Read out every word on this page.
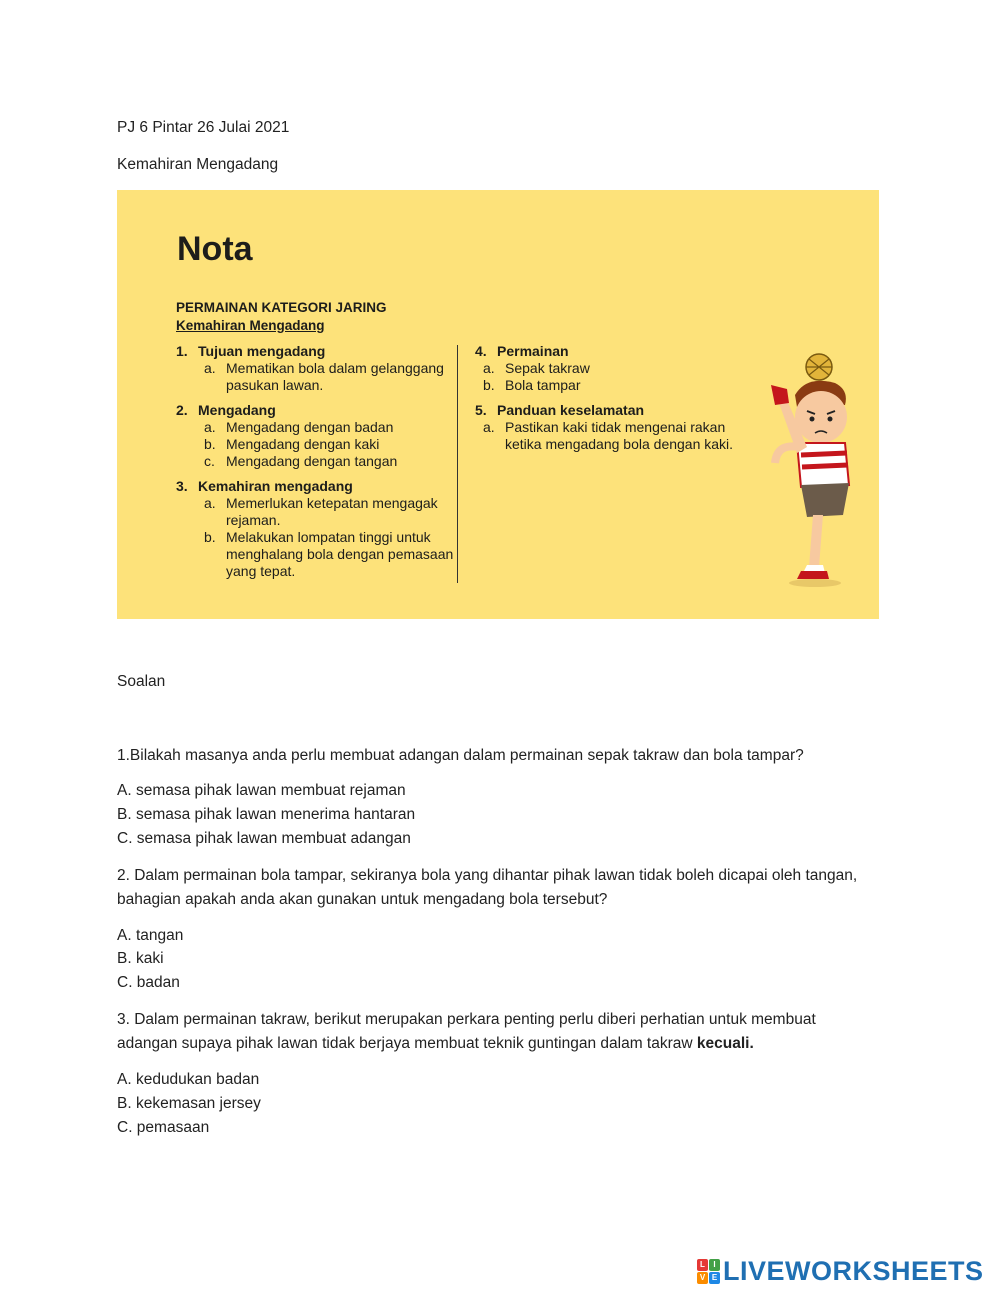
PJ 6 Pintar 26 Julai 2021
Kemahiran Mengadang
Nota
PERMAINAN KATEGORI JARING
Kemahiran Mengadang
1. Tujuan mengadang
a. Mematikan bola dalam gelanggang pasukan lawan.
2. Mengadang
a. Mengadang dengan badan
b. Mengadang dengan kaki
c. Mengadang dengan tangan
3. Kemahiran mengadang
a. Memerlukan ketepatan mengagak rejaman.
b. Melakukan lompatan tinggi untuk menghalang bola dengan pemasaan yang tepat.
4. Permainan
a. Sepak takraw
b. Bola tampar
5. Panduan keselamatan
a. Pastikan kaki tidak mengenai rakan ketika mengadang bola dengan kaki.
Soalan
1.Bilakah masanya anda perlu membuat adangan dalam permainan sepak takraw dan bola tampar?
A. semasa pihak lawan membuat rejaman
B. semasa pihak lawan menerima hantaran
C. semasa pihak lawan membuat adangan
2. Dalam permainan bola tampar, sekiranya bola yang dihantar pihak lawan tidak boleh dicapai oleh tangan, bahagian apakah anda akan gunakan untuk mengadang bola tersebut?
A. tangan
B. kaki
C. badan
3. Dalam permainan takraw, berikut merupakan perkara penting perlu diberi perhatian untuk membuat adangan supaya pihak lawan tidak berjaya membuat teknik guntingan dalam takraw kecuali.
A. kedudukan badan
B. kekemasan jersey
C. pemasaan
L	I
V E LIVEWORKSHEETS
